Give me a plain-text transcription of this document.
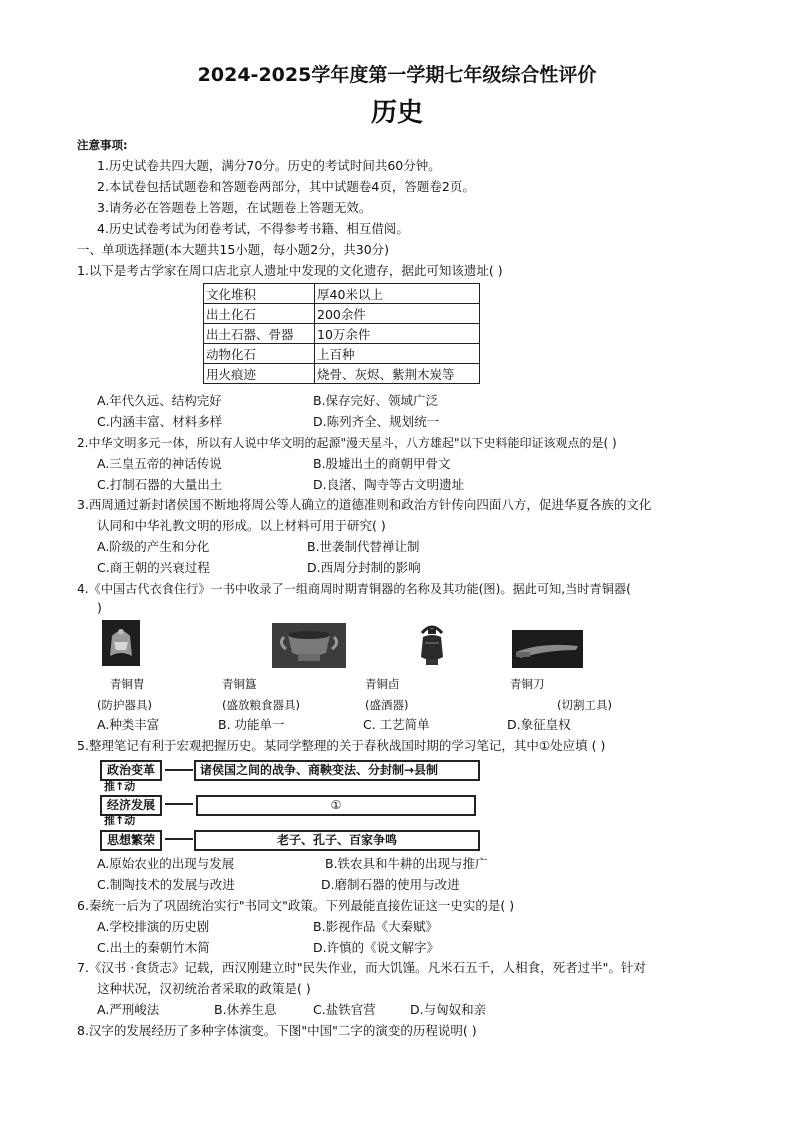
2024-2025学年度第一学期七年级综合性评价
历史
注意事项:
1.历史试卷共四大题，满分70分。历史的考试时间共60分钟。
2.本试卷包括试题卷和答题卷两部分，其中试题卷4页，答题卷2页。
3.请务必在答题卷上答题，在试题卷上答题无效。
4.历史试卷考试为闭卷考试，不得参考书籍、相互借阅。
一、单项选择题(本大题共15小题，每小题2分，共30分)
1.以下是考古学家在周口店北京人遗址中发现的文化遗存，据此可知该遗址( )
文化堆积	厚40米以上
出土化石	200余件
出土石器、骨器	10万余件
动物化石	上百种
用火痕迹	烧骨、灰烬、紫荆木炭等
A.年代久远、结构完好	B.保存完好、领域广泛
C.内涵丰富、材料多样	D.陈列齐全、规划统一
2.中华文明多元一体，所以有人说中华文明的起源"漫天星斗，八方雄起"以下史料能印证该观点的是( )
A.三皇五帝的神话传说	B.殷墟出土的商朝甲骨文
C.打制石器的大量出土	D.良渚、陶寺等古文明遗址
3.西周通过新封诸侯国不断地将周公等人确立的道德准则和政治方针传向四面八方，促进华夏各族的文化
认同和中华礼教文明的形成。以上材料可用于研究( )
A.阶级的产生和分化	B.世袭制代替禅让制
C.商王朝的兴衰过程	D.西周分封制的影响
4.《中国古代衣食住行》一书中收录了一组商周时期青铜器的名称及其功能(图)。据此可知,当时青铜器(
)
青铜胄	青铜簋	青铜卣	青铜刀
(防护器具)	(盛放粮食器具)	(盛酒器)	(切割工具)
A.种类丰富	B. 功能单一	C. 工艺简单	D.象征皇权
5.整理笔记有利于宏观把握历史。某同学整理的关于春秋战国时期的学习笔记，其中①处应填 ( )
政治变革	诸侯国之间的战争、商鞅变法、分封制→县制
推↑动
经济发展	①
推↑动
思想繁荣	老子、孔子、百家争鸣
A.原始农业的出现与发展	B.铁农具和牛耕的出现与推广
C.制陶技术的发展与改进	D.磨制石器的使用与改进
6.秦统一后为了巩固统治实行"书同文"政策。下列最能直接佐证这一史实的是( )
A.学校排演的历史剧	B.影视作品《大秦赋》
C.出土的秦朝竹木简	D.许慎的《说文解字》
7.《汉书 ·食货志》记载，西汉刚建立时"民失作业，而大饥馑。凡米石五千，人相食，死者过半"。针对
这种状况，汉初统治者采取的政策是( )
A.严刑峻法	B.休养生息	C.盐铁官营	D.与匈奴和亲
8.汉字的发展经历了多种字体演变。下图"中国"二字的演变的历程说明( )
